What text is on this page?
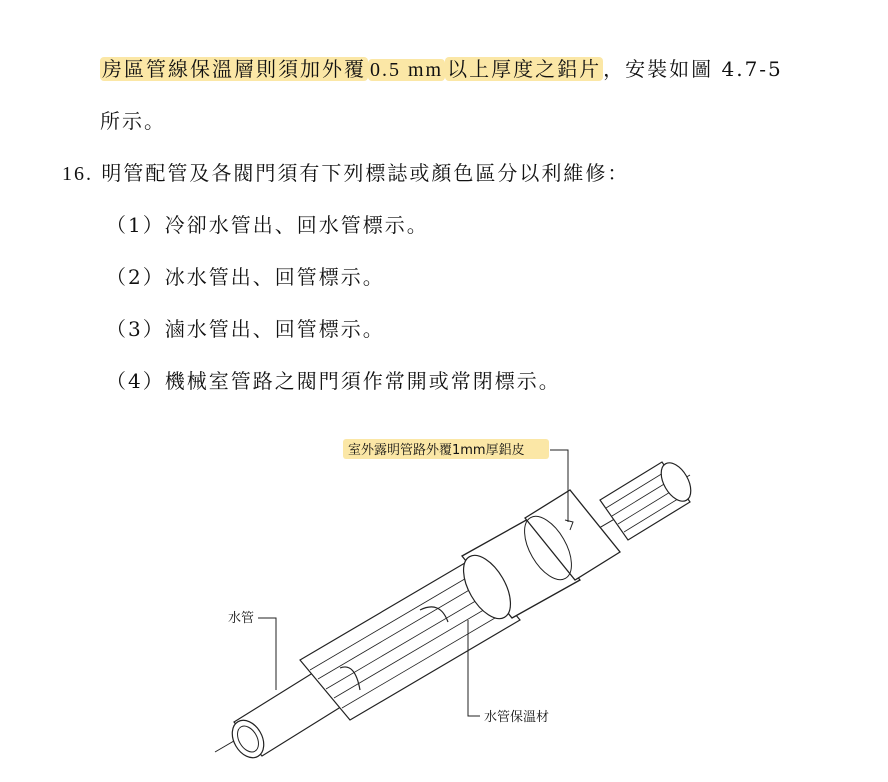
房區管線保溫層則須加外覆 0.5 mm 以上厚度之鋁片 ，安裝如圖 4.7-5
所示。
16. 明管配管及各閥門須有下列標誌或顏色區分以利維修：
（1）冷卻水管出、回水管標示。
（2）冰水管出、回管標示。
（3）滷水管出、回管標示。
（4）機械室管路之閥門須作常開或常閉標示。
室外露明管路外覆1mm厚鋁皮
水管
水管保溫材
